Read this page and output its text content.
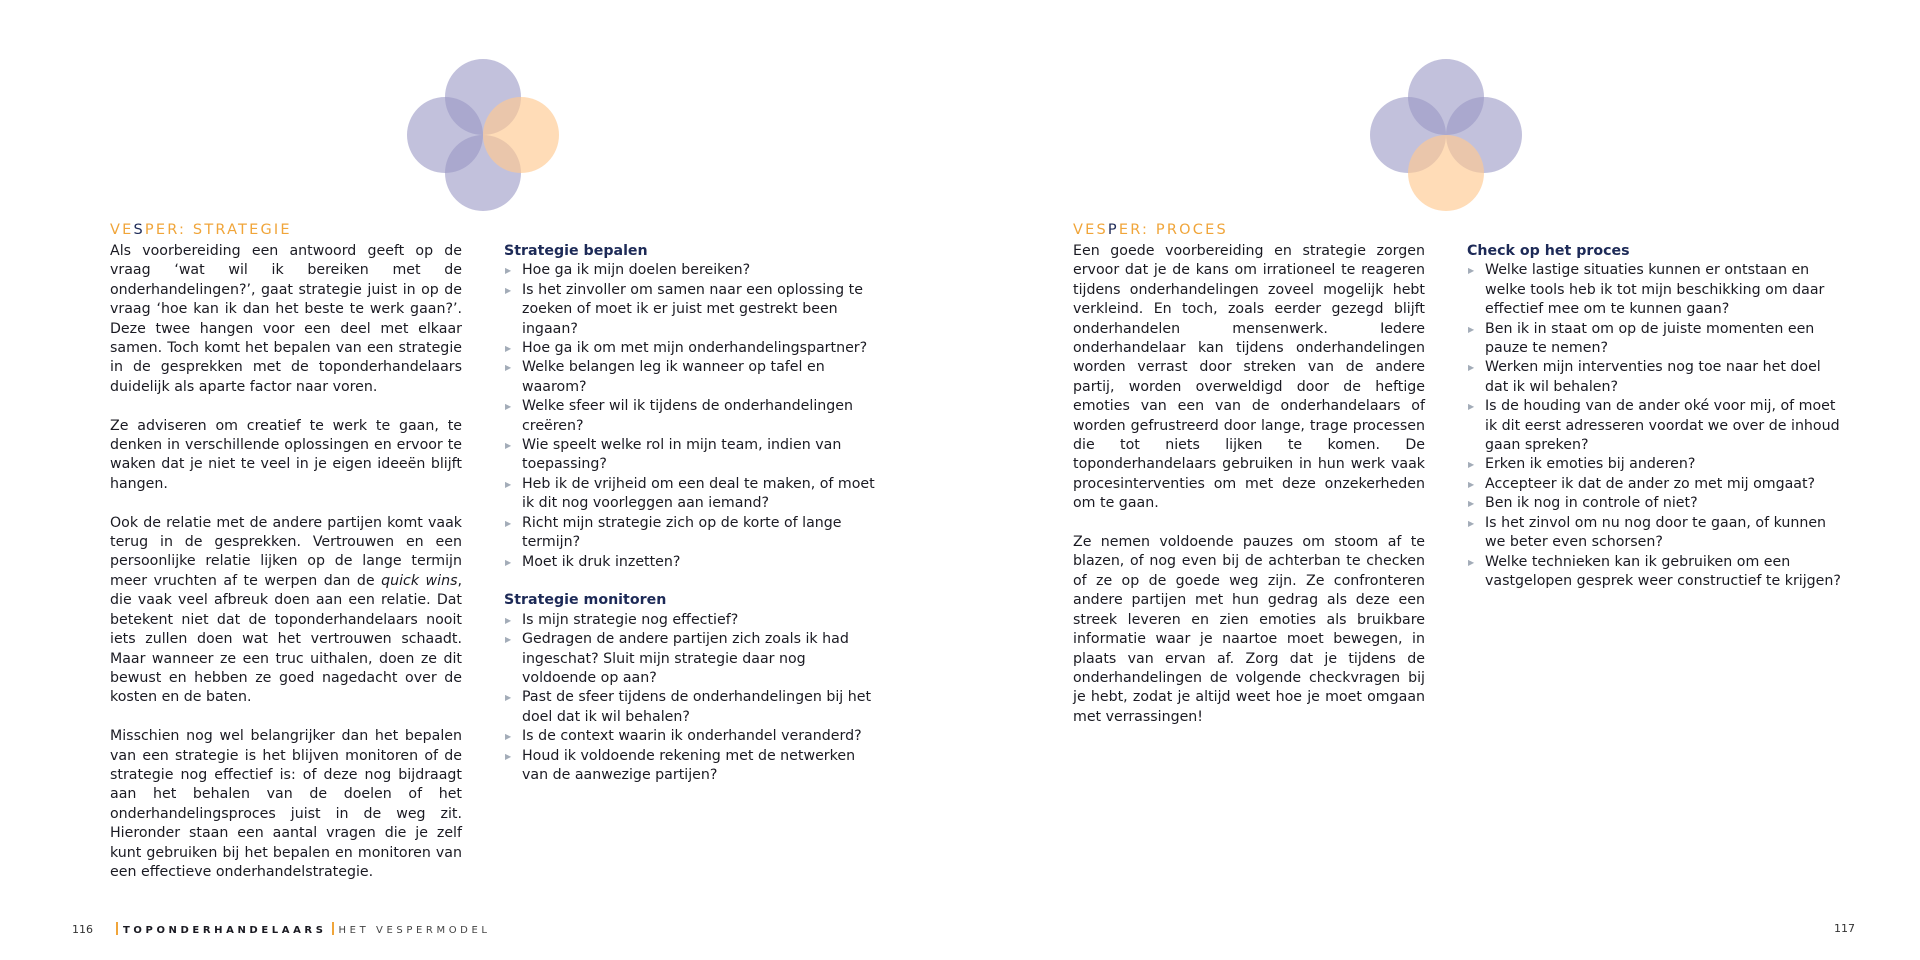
VESPER: STRATEGIE

Als voorbereiding een antwoord geeft op de vraag ‘wat wil ik bereiken met de onderhandelingen?’, gaat strategie juist in op de vraag ‘hoe kan ik dan het beste te werk gaan?’. Deze twee hangen voor een deel met elkaar samen. Toch komt het bepalen van een strategie in de gesprekken met de toponderhandelaars duidelijk als aparte factor naar voren.

Ze adviseren om creatief te werk te gaan, te denken in verschillende oplossingen en ervoor te waken dat je niet te veel in je eigen ideeën blijft hangen.

Ook de relatie met de andere partijen komt vaak terug in de gesprekken. Vertrouwen en een persoonlijke relatie lijken op de lange termijn meer vruchten af te werpen dan de quick wins, die vaak veel afbreuk doen aan een relatie. Dat betekent niet dat de toponderhandelaars nooit iets zullen doen wat het vertrouwen schaadt. Maar wanneer ze een truc uithalen, doen ze dit bewust en hebben ze goed nagedacht over de kosten en de baten.

Misschien nog wel belangrijker dan het bepalen van een strategie is het blijven monitoren of de strategie nog effectief is: of deze nog bijdraagt aan het behalen van de doelen of het onderhandelingsproces juist in de weg zit. Hieronder staan een aantal vragen die je zelf kunt gebruiken bij het bepalen en monitoren van een effectieve onderhandelstrategie.

Strategie bepalen
▶ Hoe ga ik mijn doelen bereiken?
▶ Is het zinvoller om samen naar een oplossing te zoeken of moet ik er juist met gestrekt been ingaan?
▶ Hoe ga ik om met mijn onderhandelingspartner?
▶ Welke belangen leg ik wanneer op tafel en waarom?
▶ Welke sfeer wil ik tijdens de onderhandelingen creëren?
▶ Wie speelt welke rol in mijn team, indien van toepassing?
▶ Heb ik de vrijheid om een deal te maken, of moet ik dit nog voorleggen aan iemand?
▶ Richt mijn strategie zich op de korte of lange termijn?
▶ Moet ik druk inzetten?
Strategie monitoren
▶ Is mijn strategie nog effectief?
▶ Gedragen de andere partijen zich zoals ik had ingeschat? Sluit mijn strategie daar nog voldoende op aan?
▶ Past de sfeer tijdens de onderhandelingen bij het doel dat ik wil behalen?
▶ Is de context waarin ik onderhandel veranderd?
▶ Houd ik voldoende rekening met de netwerken van de aanwezige partijen?
VESPER: PROCES

Een goede voorbereiding en strategie zorgen ervoor dat je de kans om irrationeel te reageren tijdens onderhandelingen zoveel mogelijk hebt verkleind. En toch, zoals eerder gezegd blijft onderhandelen mensenwerk. Iedere onderhandelaar kan tijdens onderhandelingen worden verrast door streken van de andere partij, worden overweldigd door de heftige emoties van een van de onderhandelaars of worden gefrustreerd door lange, trage processen die tot niets lijken te komen. De toponderhandelaars gebruiken in hun werk vaak procesinterventies om met deze onzekerheden om te gaan.

Ze nemen voldoende pauzes om stoom af te blazen, of nog even bij de achterban te checken of ze op de goede weg zijn. Ze confronteren andere partijen met hun gedrag als deze een streek leveren en zien emoties als bruikbare informatie waar je naartoe moet bewegen, in plaats van ervan af. Zorg dat je tijdens de onderhandelingen de volgende checkvragen bij je hebt, zodat je altijd weet hoe je moet omgaan met verrassingen!

Check op het proces
▶ Welke lastige situaties kunnen er ontstaan en welke tools heb ik tot mijn beschikking om daar effectief mee om te kunnen gaan?
▶ Ben ik in staat om op de juiste momenten een pauze te nemen?
▶ Werken mijn interventies nog toe naar het doel dat ik wil behalen?
▶ Is de houding van de ander oké voor mij, of moet ik dit eerst adresseren voordat we over de inhoud gaan spreken?
▶ Erken ik emoties bij anderen?
▶ Accepteer ik dat de ander zo met mij omgaat?
▶ Ben ik nog in controle of niet?
▶ Is het zinvol om nu nog door te gaan, of kunnen we beter even schorsen?
▶ Welke technieken kan ik gebruiken om een vastgelopen gesprek weer constructief te krijgen?
116	TOPONDERHANDELAARS HET VESPERMODEL	117
